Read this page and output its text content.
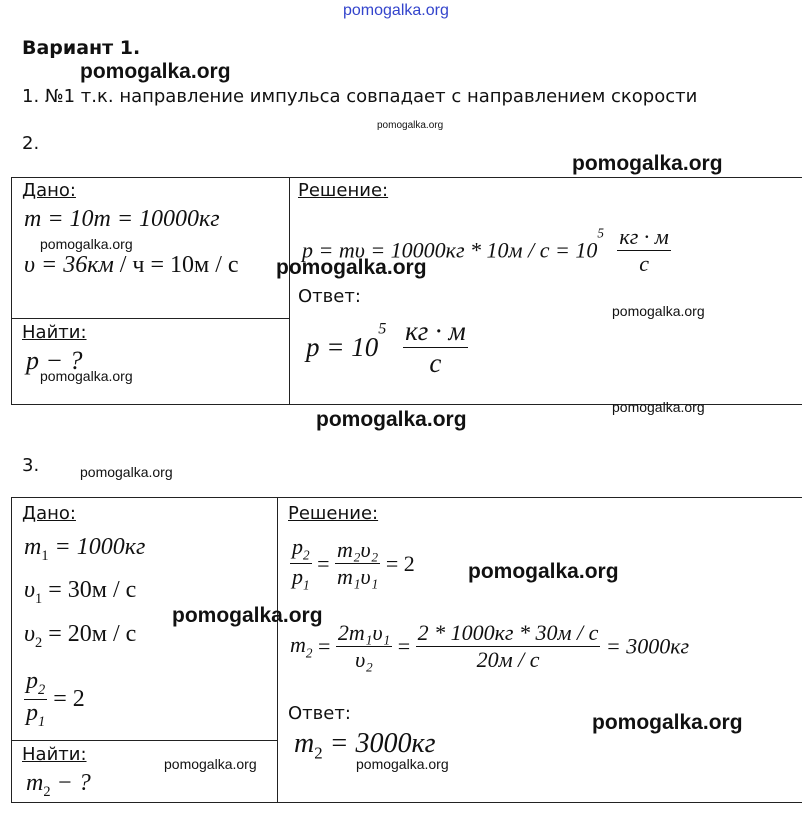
pomogalka.org
Вариант 1.
pomogalka.org
1. №1 т.к. направление импульса совпадает с направлением скорости
pomogalka.org
2.
pomogalka.org
Дано:	Решение:
m = 10т = 10000кг
pomogalka.org
υ = 36км / ч = 10м / с pomogalka.org
$p = m\upsilon = 10000кг * 10м / с = 10^5 \frac{кг \cdot м}{с}$
Ответ:
pomogalka.org
$p = 10^5 \frac{кг \cdot м}{с}$
Найти:
p − ?
pomogalka.org
pomogalka.org
pomogalka.org
3.	pomogalka.org
Дано:	Решение:
$m_1 = 1000кг$
$\upsilon_1 = 30м / с$
pomogalka.org
$\upsilon_2 = 20м / с$
$\frac{p_2}{p_1} = 2$
Найти:
$m_2$ − ?
pomogalka.org
$\frac{p_2}{p_1} = \frac{\text{m₂υ₂}}{\text{m₁υ₁}} = 2$	pomogalka.org
$m_2 = \frac{\text{2m₁υ₁}}{\text{υ₂}} = \frac{2 * 1000кг * 30м / с}{20м / с} = 3000кг$
Ответ:	pomogalka.org
$m_2 = 3000кг$
pomogalka.org
